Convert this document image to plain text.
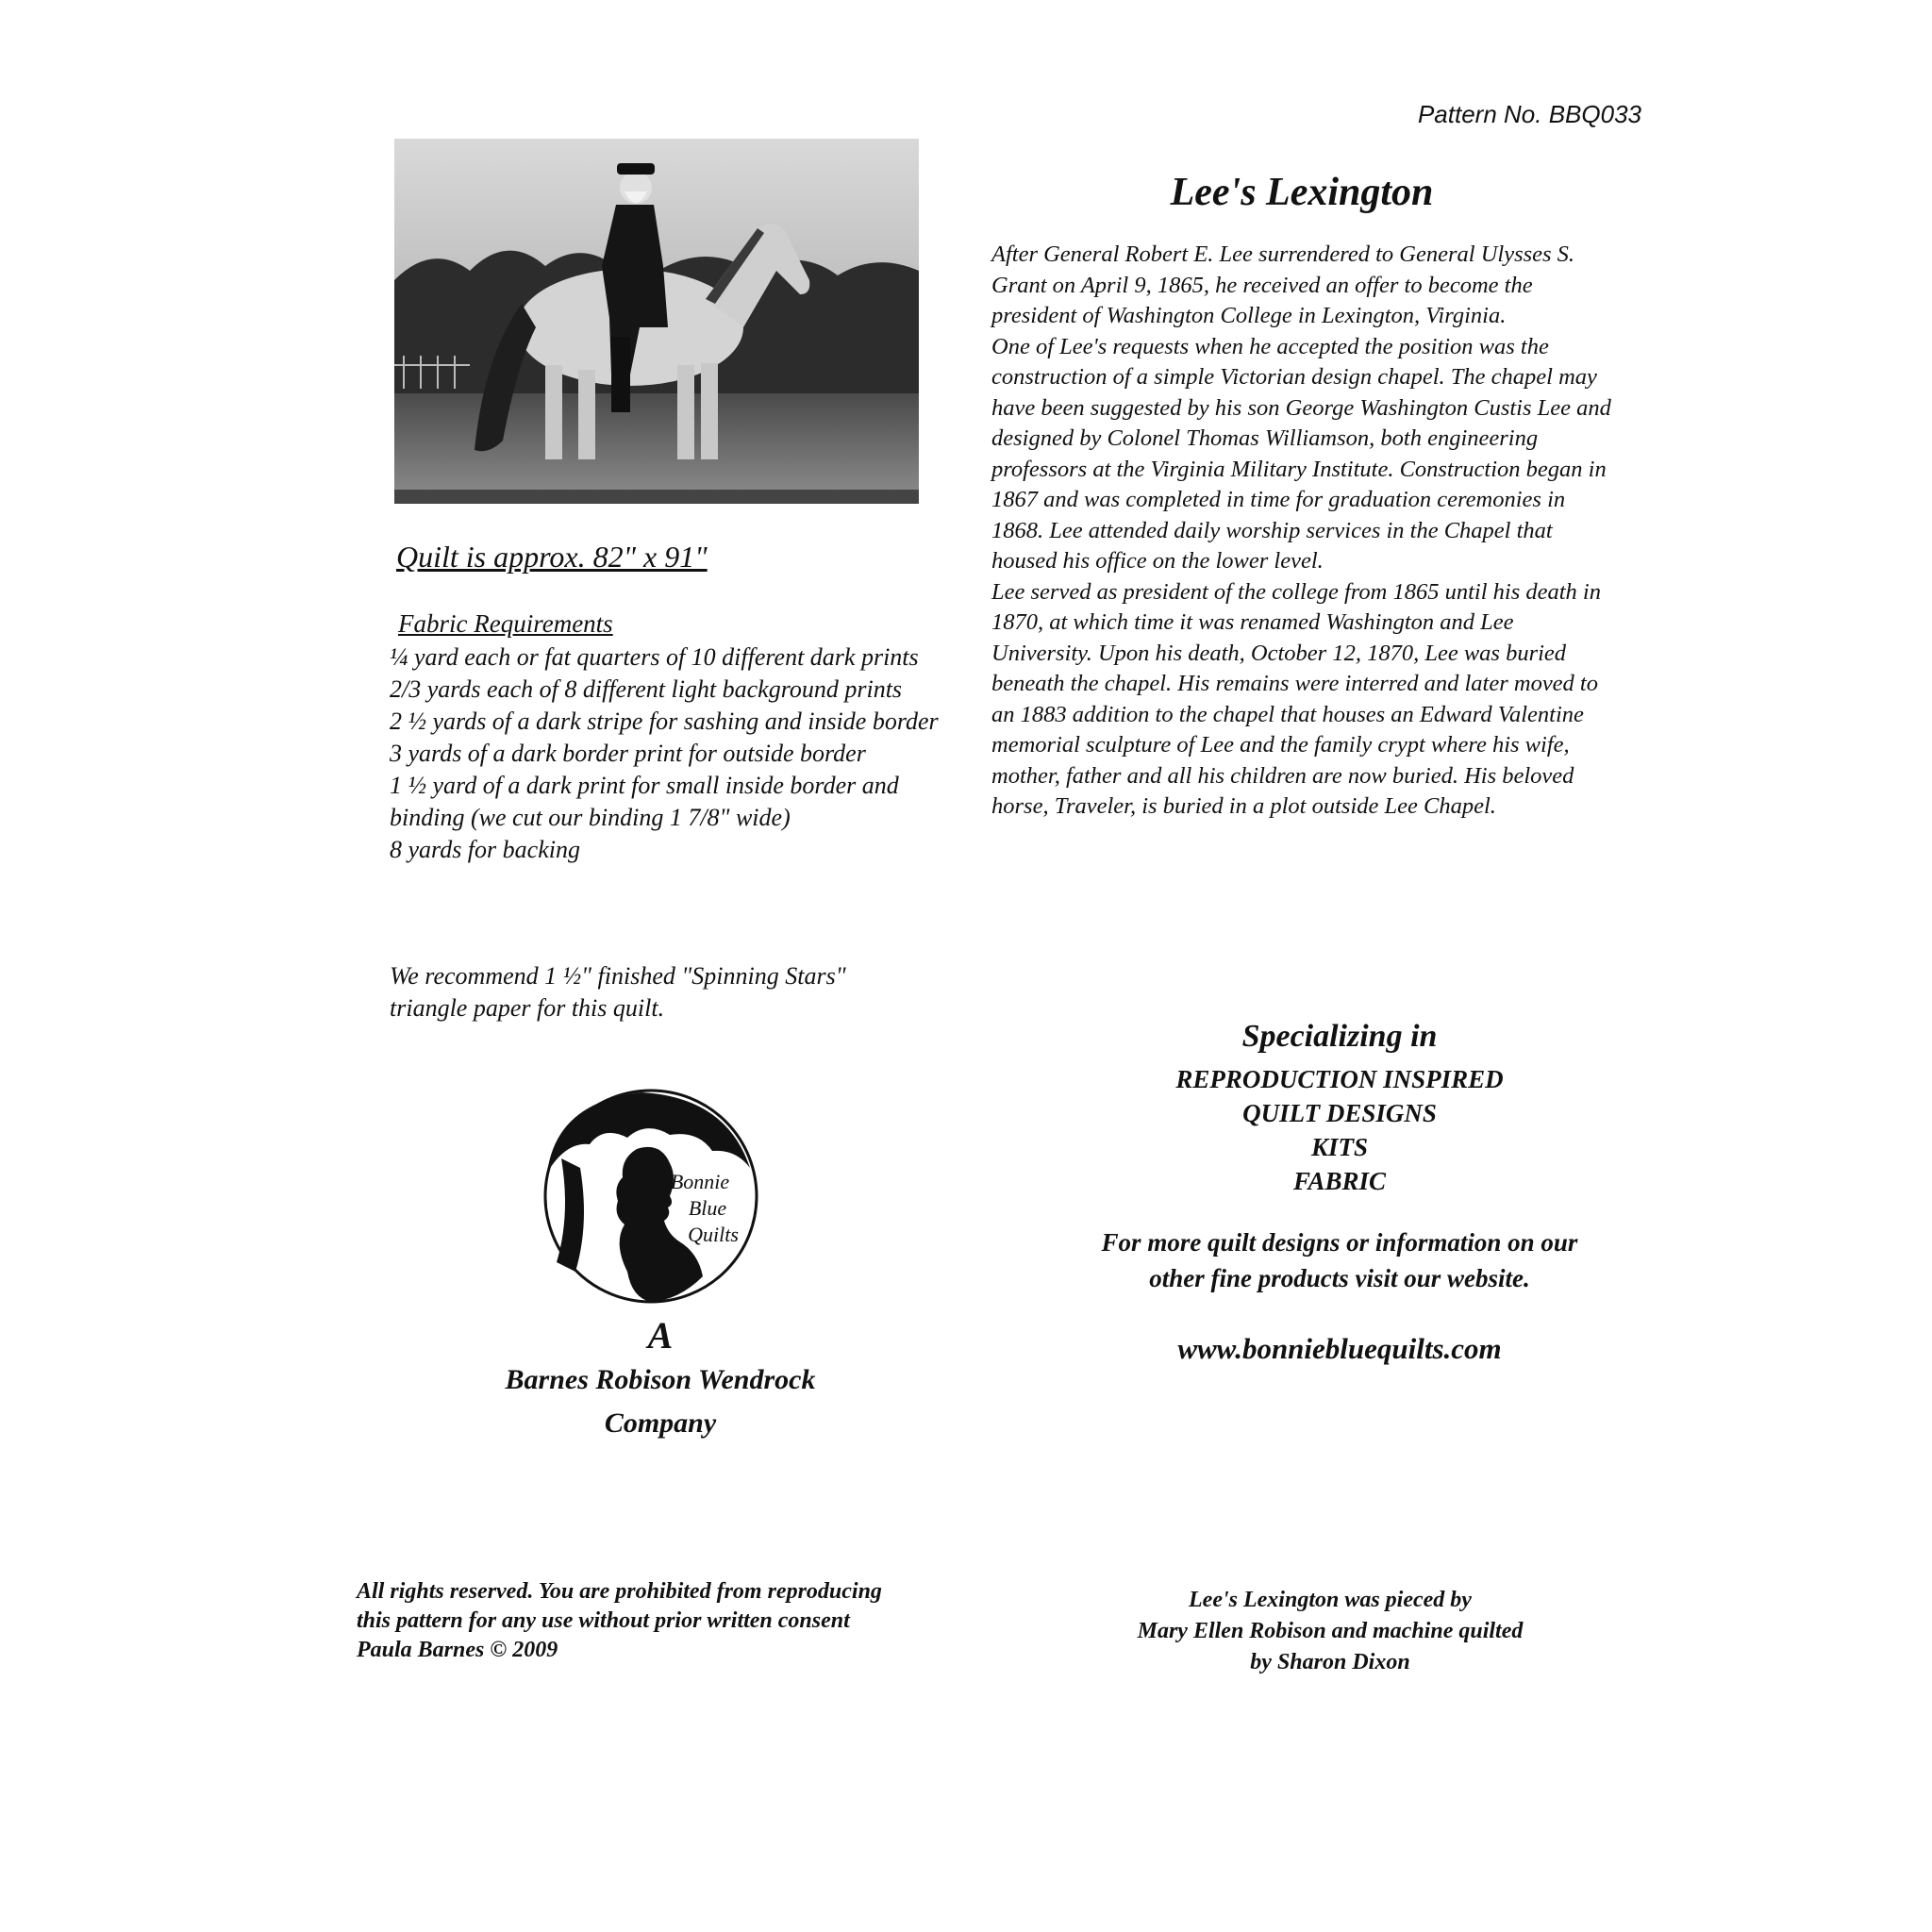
Pattern No. BBQ033
Quilt is approx. 82" x 91"
Fabric Requirements
¼ yard each or fat quarters of 10 different dark prints
2/3 yards each of 8 different light background prints
2 ½ yards of a dark stripe for sashing and inside border
3 yards of a dark border print for outside border
1 ½ yard of a dark print for small inside border and binding (we cut our binding 1 7/8" wide)
8 yards for backing
We recommend 1 ½" finished "Spinning Stars"
triangle paper for this quilt.
Bonnie
Blue
Quilts
A
Barnes Robison Wendrock
Company
Lee's Lexington

After General Robert E. Lee surrendered to General Ulysses S. Grant on April 9, 1865, he received an offer to become the president of Washington College in Lexington, Virginia.

One of Lee's requests when he accepted the position was the construction of a simple Victorian design chapel. The chapel may have been suggested by his son George Washington Custis Lee and designed by Colonel Thomas Williamson, both engineering professors at the Virginia Military Institute. Construction began in 1867 and was completed in time for graduation ceremonies in 1868. Lee attended daily worship services in the Chapel that housed his office on the lower level.

Lee served as president of the college from 1865 until his death in 1870, at which time it was renamed Washington and Lee University. Upon his death, October 12, 1870, Lee was buried beneath the chapel. His remains were interred and later moved to an 1883 addition to the chapel that houses an Edward Valentine memorial sculpture of Lee and the family crypt where his wife, mother, father and all his children are now buried. His beloved horse, Traveler, is buried in a plot outside Lee Chapel.

Specializing in
REPRODUCTION INSPIRED
QUILT DESIGNS
KITS
FABRIC
For more quilt designs or information on our
other fine products visit our website.
www.bonniebluequilts.com
All rights reserved. You are prohibited from reproducing
this pattern for any use without prior written consent
Paula Barnes © 2009
Lee's Lexington was pieced by
Mary Ellen Robison and machine quilted
by Sharon Dixon
